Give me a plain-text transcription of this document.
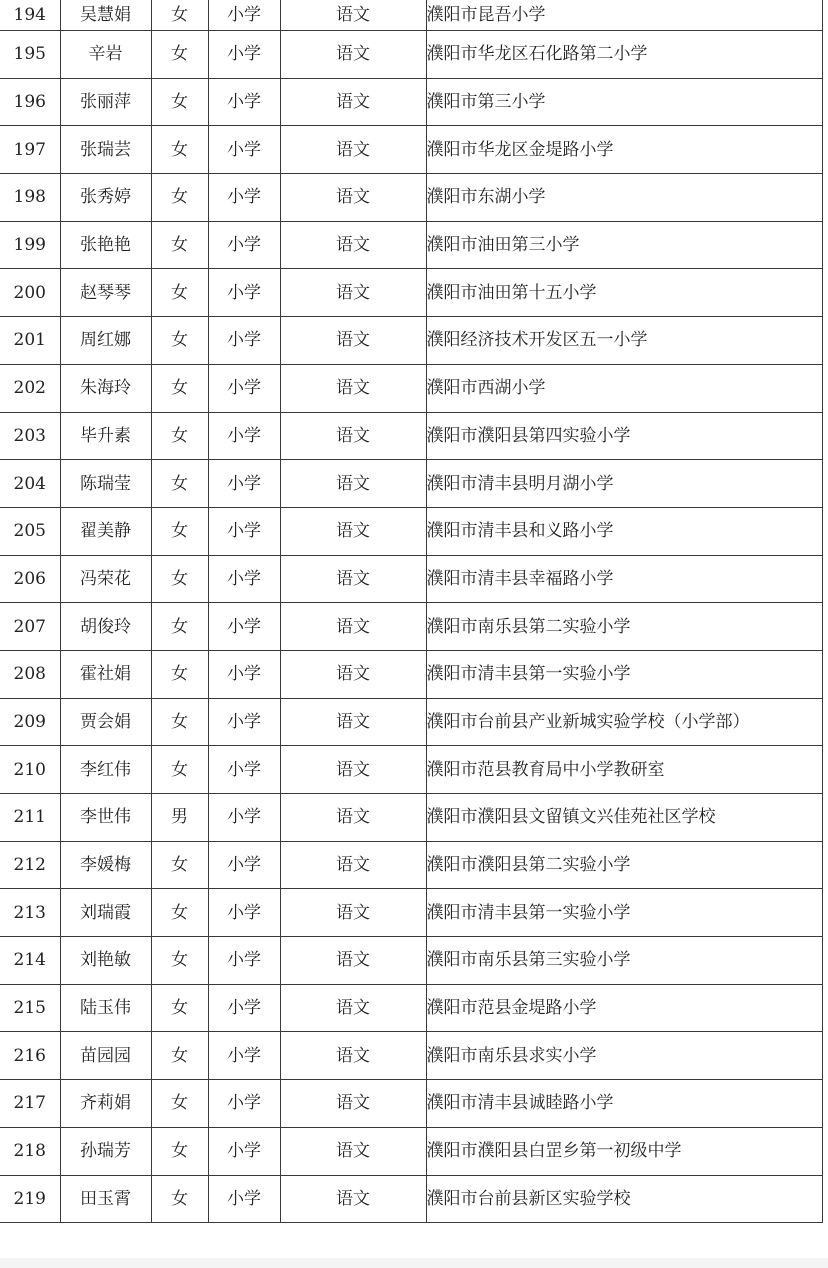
194	吴慧娟	女	小学	语文	濮阳市昆吾小学
195	辛岩	女	小学	语文	濮阳市华龙区石化路第二小学
196	张丽萍	女	小学	语文	濮阳市第三小学
197	张瑞芸	女	小学	语文	濮阳市华龙区金堤路小学
198	张秀婷	女	小学	语文	濮阳市东湖小学
199	张艳艳	女	小学	语文	濮阳市油田第三小学
200	赵琴琴	女	小学	语文	濮阳市油田第十五小学
201	周红娜	女	小学	语文	濮阳经济技术开发区五一小学
202	朱海玲	女	小学	语文	濮阳市西湖小学
203	毕升素	女	小学	语文	濮阳市濮阳县第四实验小学
204	陈瑞莹	女	小学	语文	濮阳市清丰县明月湖小学
205	翟美静	女	小学	语文	濮阳市清丰县和义路小学
206	冯荣花	女	小学	语文	濮阳市清丰县幸福路小学
207	胡俊玲	女	小学	语文	濮阳市南乐县第二实验小学
208	霍社娟	女	小学	语文	濮阳市清丰县第一实验小学
209	贾会娟	女	小学	语文	濮阳市台前县产业新城实验学校（小学部）
210	李红伟	女	小学	语文	濮阳市范县教育局中小学教研室
211	李世伟	男	小学	语文	濮阳市濮阳县文留镇文兴佳苑社区学校
212	李媛梅	女	小学	语文	濮阳市濮阳县第二实验小学
213	刘瑞霞	女	小学	语文	濮阳市清丰县第一实验小学
214	刘艳敏	女	小学	语文	濮阳市南乐县第三实验小学
215	陆玉伟	女	小学	语文	濮阳市范县金堤路小学
216	苗园园	女	小学	语文	濮阳市南乐县求实小学
217	齐莉娟	女	小学	语文	濮阳市清丰县诚睦路小学
218	孙瑞芳	女	小学	语文	濮阳市濮阳县白罡乡第一初级中学
219	田玉霄	女	小学	语文	濮阳市台前县新区实验学校
